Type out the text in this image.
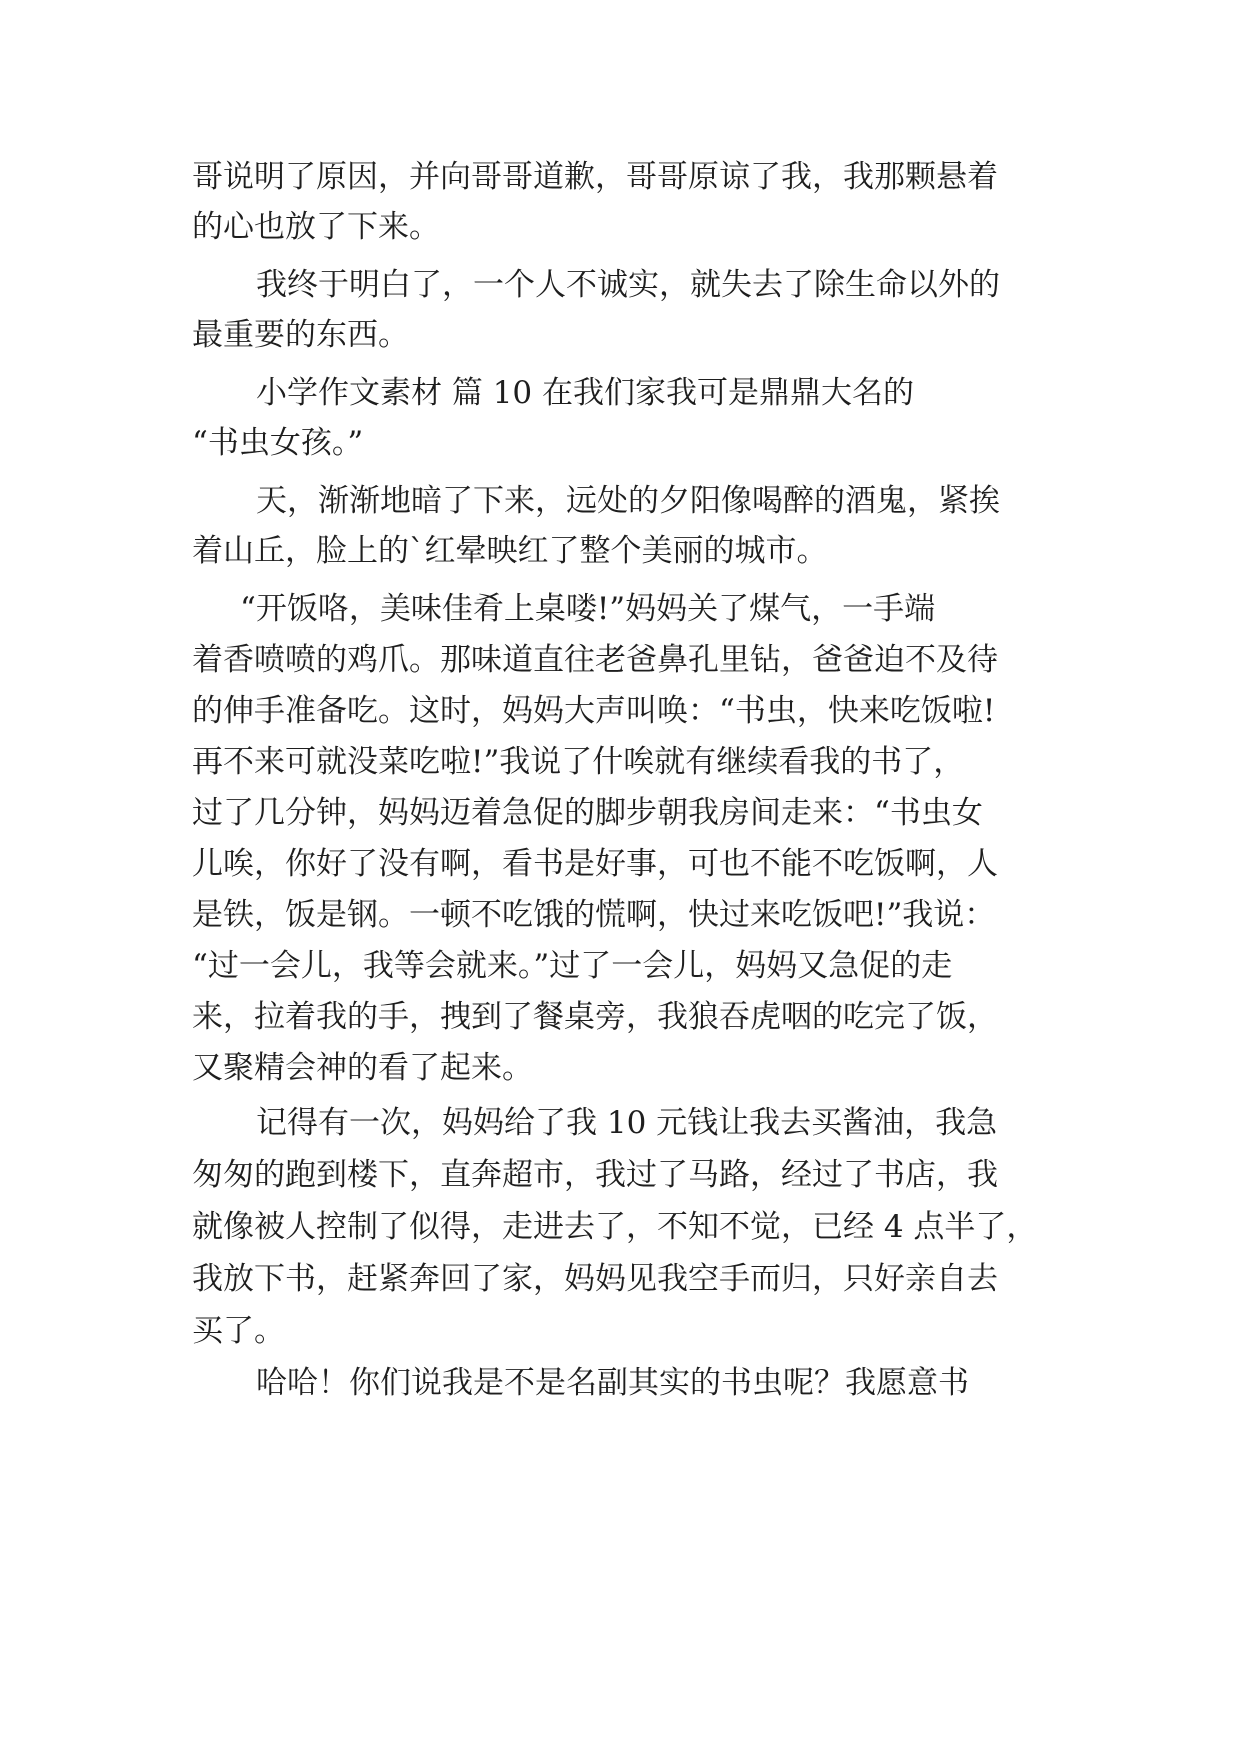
哥说明了原因，并向哥哥道歉，哥哥原谅了我，我那颗悬着
的心也放了下来。
我终于明白了，一个人不诚实，就失去了除生命以外的
最重要的东西。
小学作文素材 篇 10 在我们家我可是鼎鼎大名的
“书虫女孩。”
天，渐渐地暗了下来，远处的夕阳像喝醉的酒鬼，紧挨
着山丘，脸上的`红晕映红了整个美丽的城市。
“开饭咯，美味佳肴上桌喽!”妈妈关了煤气，一手端
着香喷喷的鸡爪。那味道直往老爸鼻孔里钻，爸爸迫不及待
的伸手准备吃。这时，妈妈大声叫唤：“书虫，快来吃饭啦!
再不来可就没菜吃啦!”我说了什唉就有继续看我的书了，
过了几分钟，妈妈迈着急促的脚步朝我房间走来：“书虫女
儿唉，你好了没有啊，看书是好事，可也不能不吃饭啊，人
是铁，饭是钢。一顿不吃饿的慌啊，快过来吃饭吧!”我说：
“过一会儿，我等会就来。”过了一会儿，妈妈又急促的走
来，拉着我的手，拽到了餐桌旁，我狼吞虎咽的吃完了饭，
又聚精会神的看了起来。
记得有一次，妈妈给了我 10 元钱让我去买酱油，我急
匆匆的跑到楼下，直奔超市，我过了马路，经过了书店，我
就像被人控制了似得，走进去了，不知不觉，已经 4 点半了，
我放下书，赶紧奔回了家，妈妈见我空手而归，只好亲自去
买了。
哈哈！你们说我是不是名副其实的书虫呢？我愿意书
